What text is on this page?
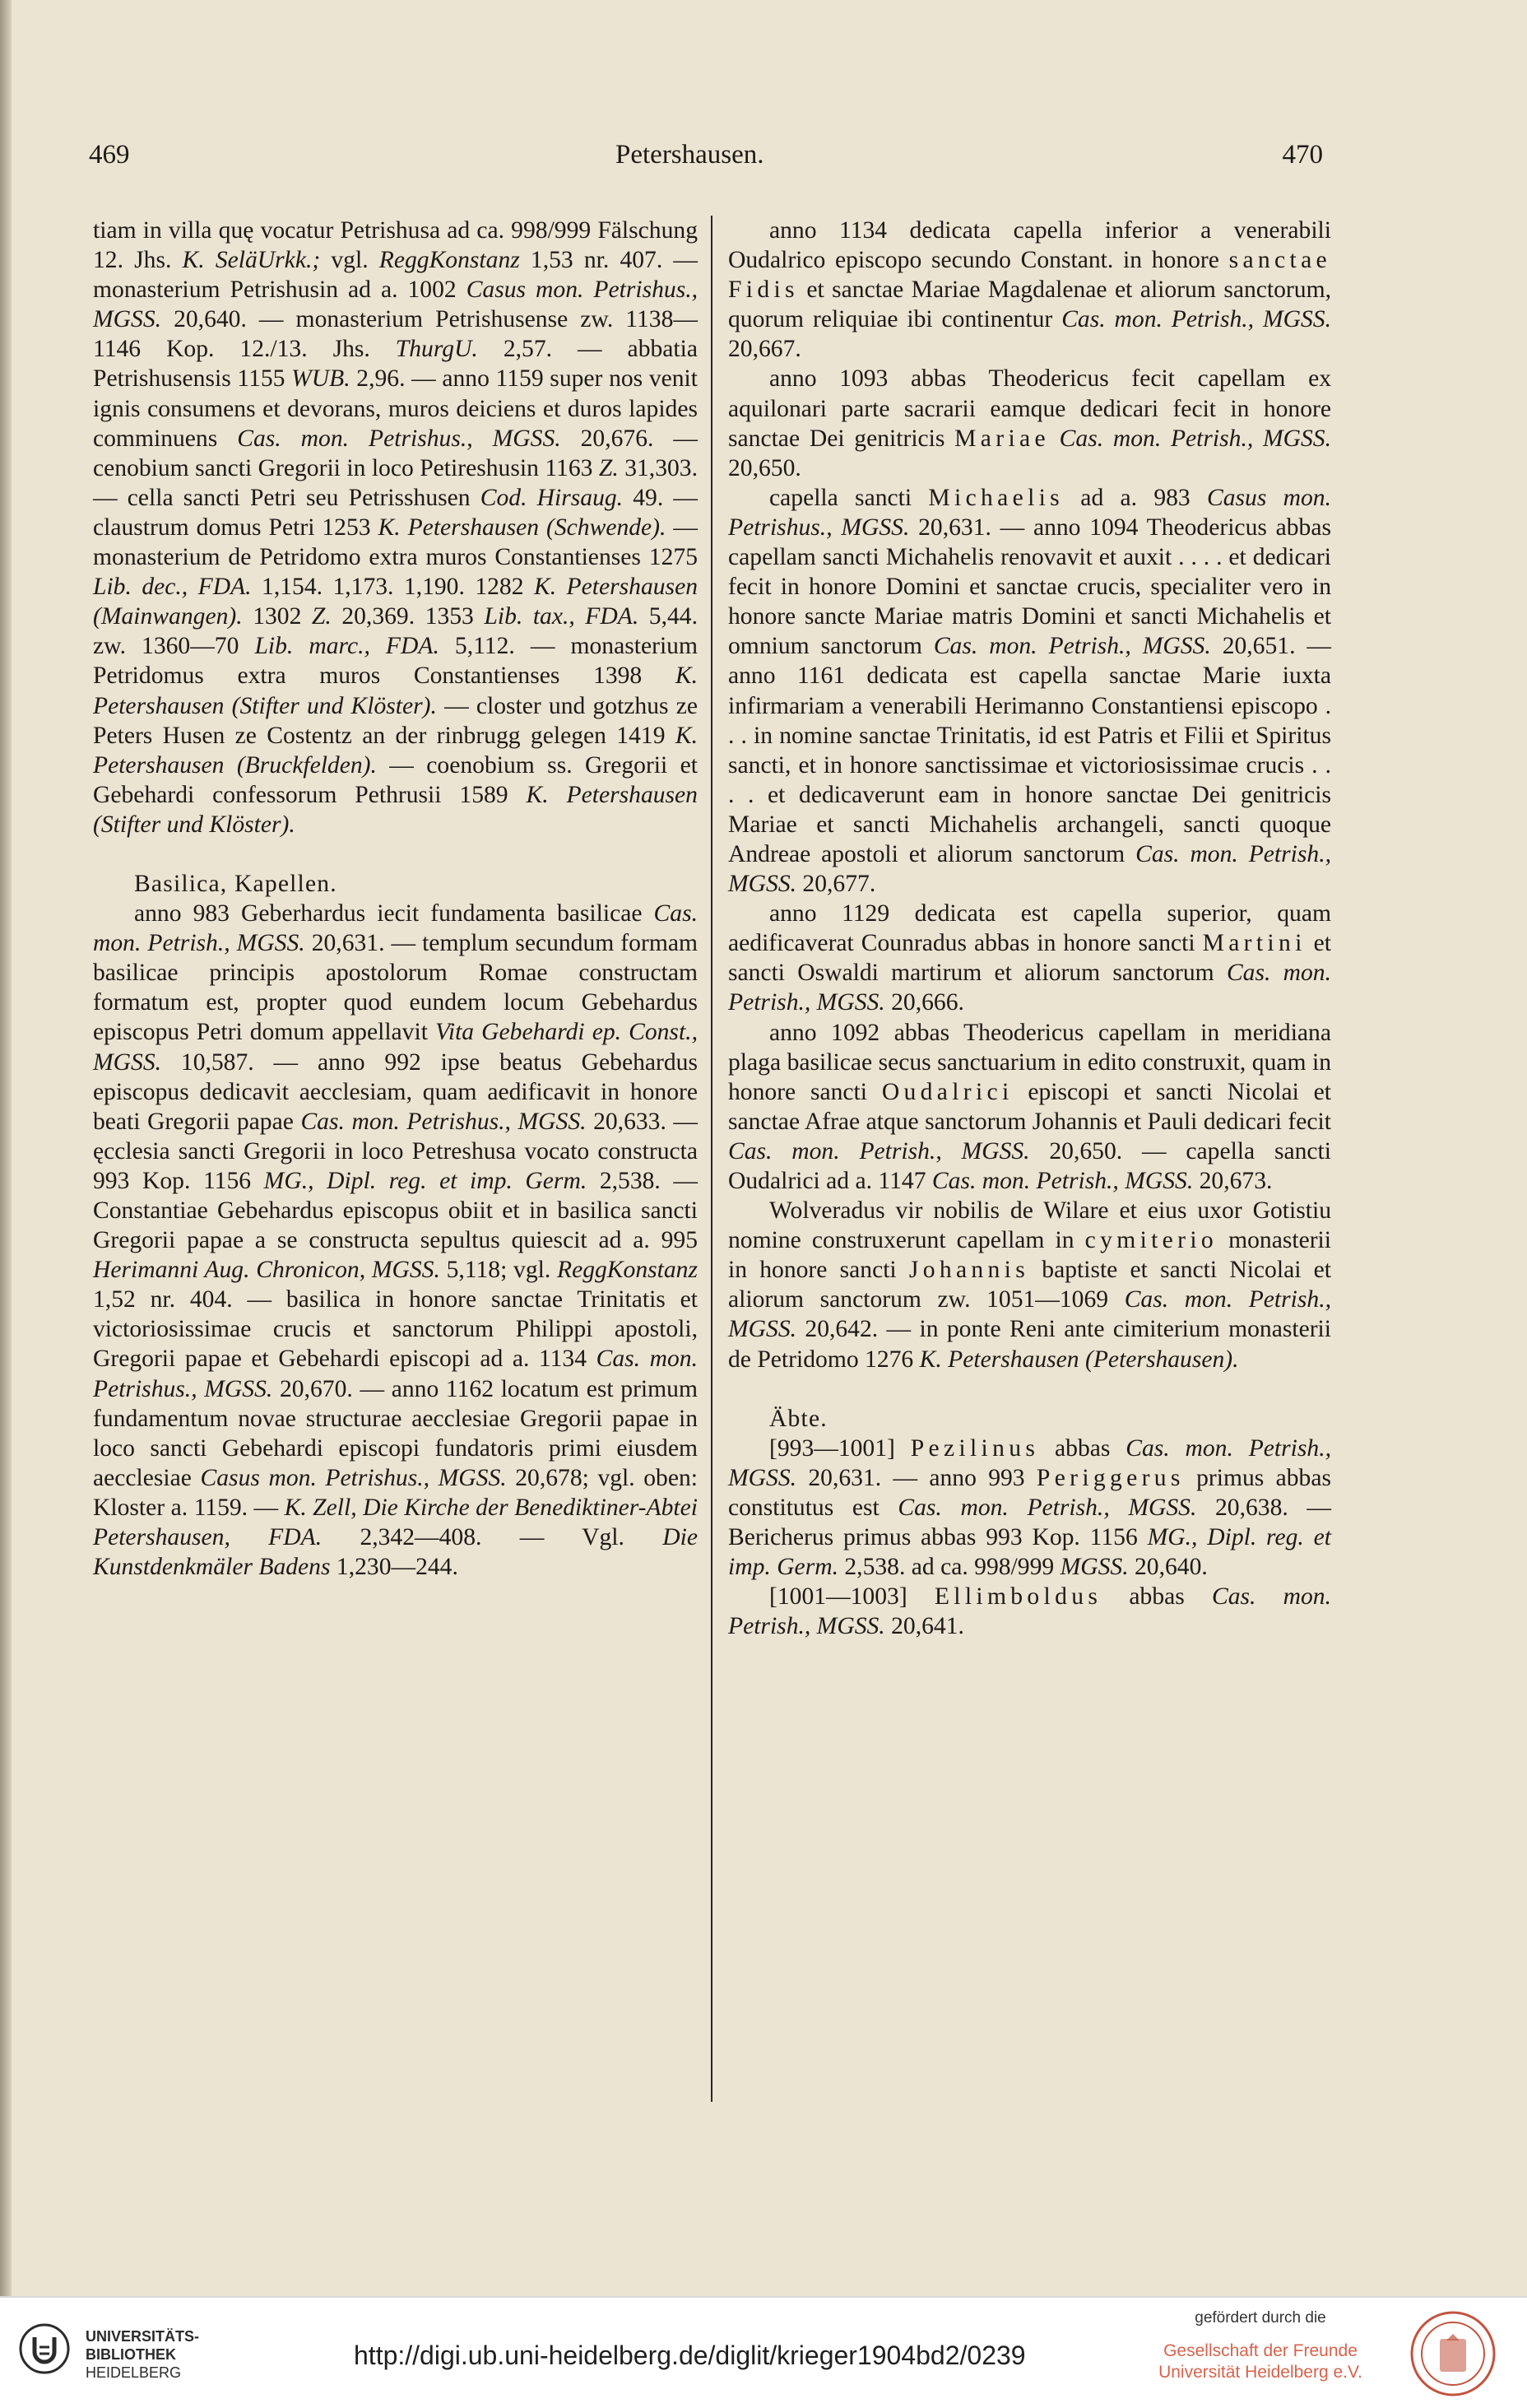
469	Petershausen.	470

tiam in villa quę vocatur Petrishusa ad ca. 998/999 Fälschung 12. Jhs. K. SeläUrkk.; vgl. ReggKonstanz 1,53 nr. 407. — monasterium Petrishusin ad a. 1002 Casus mon. Petrishus., MGSS. 20,640. — monasterium Petrishusense zw. 1138—1146 Kop. 12./13. Jhs. ThurgU. 2,57. — abbatia Petrishusensis 1155 WUB. 2,96. — anno 1159 super nos venit ignis consumens et devorans, muros deiciens et duros lapides comminuens Cas. mon. Petrishus., MGSS. 20,676. — cenobium sancti Gregorii in loco Petireshusin 1163 Z. 31,303. — cella sancti Petri seu Petrisshusen Cod. Hirsaug. 49. — claustrum domus Petri 1253 K. Petershausen (Schwende). — monasterium de Petridomo extra muros Constantienses 1275 Lib. dec., FDA. 1,154. 1,173. 1,190. 1282 K. Petershausen (Mainwangen). 1302 Z. 20,369. 1353 Lib. tax., FDA. 5,44. zw. 1360—70 Lib. marc., FDA. 5,112. — monasterium Petridomus extra muros Constantienses 1398 K. Petershausen (Stifter und Klöster). — closter und gotzhus ze Peters Husen ze Costentz an der rinbrugg gelegen 1419 K. Petershausen (Bruckfelden). — coenobium ss. Gregorii et Gebehardi confessorum Pethrusii 1589 K. Petershausen (Stifter und Klöster).

Basilica, Kapellen.

anno 983 Geberhardus iecit fundamenta basilicae Cas. mon. Petrish., MGSS. 20,631. — templum secundum formam basilicae principis apostolorum Romae constructam formatum est, propter quod eundem locum Gebehardus episcopus Petri domum appellavit Vita Gebehardi ep. Const., MGSS. 10,587. — anno 992 ipse beatus Gebehardus episcopus dedicavit aecclesiam, quam aedificavit in honore beati Gregorii papae Cas. mon. Petrishus., MGSS. 20,633. — ęcclesia sancti Gregorii in loco Petreshusa vocato constructa 993 Kop. 1156 MG., Dipl. reg. et imp. Germ. 2,538. — Constantiae Gebehardus episcopus obiit et in basilica sancti Gregorii papae a se constructa sepultus quiescit ad a. 995 Herimanni Aug. Chronicon, MGSS. 5,118; vgl. ReggKonstanz 1,52 nr. 404. — basilica in honore sanctae Trinitatis et victoriosissimae crucis et sanctorum Philippi apostoli, Gregorii papae et Gebehardi episcopi ad a. 1134 Cas. mon. Petrishus., MGSS. 20,670. — anno 1162 locatum est primum fundamentum novae structurae aecclesiae Gregorii papae in loco sancti Gebehardi episcopi fundatoris primi eiusdem aecclesiae Casus mon. Petrishus., MGSS. 20,678; vgl. oben: Kloster a. 1159. — K. Zell, Die Kirche der Benediktiner-Abtei Petershausen, FDA. 2,342—408. — Vgl. Die Kunstdenkmäler Badens 1,230—244.

anno 1134 dedicata capella inferior a venerabili Oudalrico episcopo secundo Constant. in honore sanctae Fidis et sanctae Mariae Magdalenae et aliorum sanctorum, quorum reliquiae ibi continentur Cas. mon. Petrish., MGSS. 20,667.

anno 1093 abbas Theodericus fecit capellam ex aquilonari parte sacrarii eamque dedicari fecit in honore sanctae Dei genitricis Mariae Cas. mon. Petrish., MGSS. 20,650.

capella sancti Michaelis ad a. 983 Casus mon. Petrishus., MGSS. 20,631. — anno 1094 Theodericus abbas capellam sancti Michahelis renovavit et auxit . . . . et dedicari fecit in honore Domini et sanctae crucis, specialiter vero in honore sancte Mariae matris Domini et sancti Michahelis et omnium sanctorum Cas. mon. Petrish., MGSS. 20,651. — anno 1161 dedicata est capella sanctae Marie iuxta infirmariam a venerabili Herimanno Constantiensi episcopo . . . in nomine sanctae Trinitatis, id est Patris et Filii et Spiritus sancti, et in honore sanctissimae et victoriosissimae crucis . . . . et dedicaverunt eam in honore sanctae Dei genitricis Mariae et sancti Michahelis archangeli, sancti quoque Andreae apostoli et aliorum sanctorum Cas. mon. Petrish., MGSS. 20,677.

anno 1129 dedicata est capella superior, quam aedificaverat Counradus abbas in honore sancti Martini et sancti Oswaldi martirum et aliorum sanctorum Cas. mon. Petrish., MGSS. 20,666.

anno 1092 abbas Theodericus capellam in meridiana plaga basilicae secus sanctuarium in edito construxit, quam in honore sancti Oudalrici episcopi et sancti Nicolai et sanctae Afrae atque sanctorum Johannis et Pauli dedicari fecit Cas. mon. Petrish., MGSS. 20,650. — capella sancti Oudalrici ad a. 1147 Cas. mon. Petrish., MGSS. 20,673.

Wolveradus vir nobilis de Wilare et eius uxor Gotistiu nomine construxerunt capellam in cymiterio monasterii in honore sancti Johannis baptiste et sancti Nicolai et aliorum sanctorum zw. 1051—1069 Cas. mon. Petrish., MGSS. 20,642. — in ponte Reni ante cimiterium monasterii de Petridomo 1276 K. Petershausen (Petershausen).

Äbte.

[993—1001] Pezilinus abbas Cas. mon. Petrish., MGSS. 20,631. — anno 993 Periggerus primus abbas constitutus est Cas. mon. Petrish., MGSS. 20,638. — Bericherus primus abbas 993 Kop. 1156 MG., Dipl. reg. et imp. Germ. 2,538. ad ca. 998/999 MGSS. 20,640.

[1001—1003] Ellimboldus abbas Cas. mon. Petrish., MGSS. 20,641.

UNIVERSITÄTS-
BIBLIOTHEK
HEIDELBERG
http://digi.ub.uni-heidelberg.de/diglit/krieger1904bd2/0239
gefördert durch die
Gesellschaft der Freunde
Universität Heidelberg e.V.
